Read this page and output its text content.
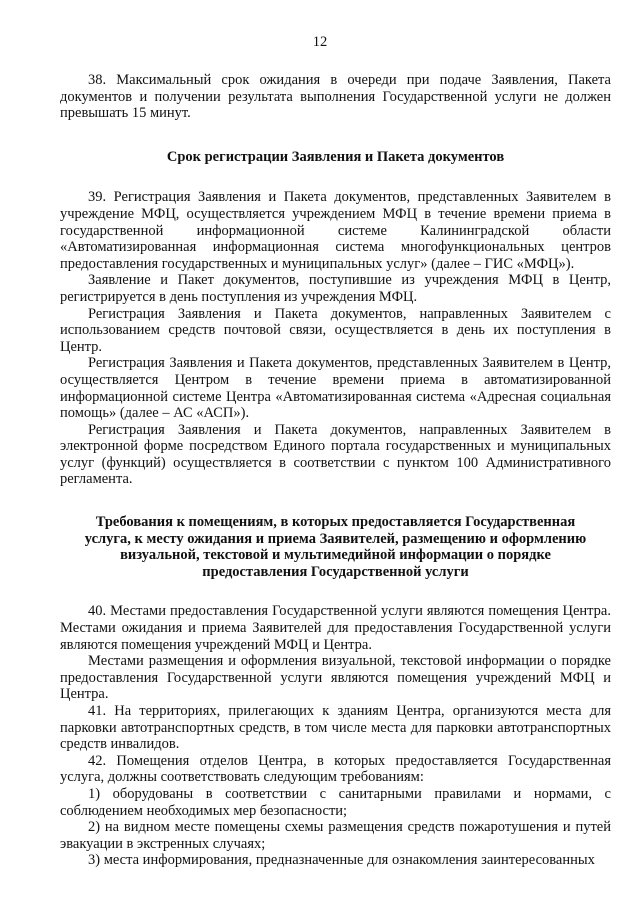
12

38. Максимальный срок ожидания в очереди при подаче Заявления, Пакета документов и получении результата выполнения Государственной услуги не должен превышать 15 минут.

Срок регистрации Заявления и Пакета документов

39. Регистрация Заявления и Пакета документов, представленных Заявителем в учреждение МФЦ, осуществляется учреждением МФЦ в течение времени приема в государственной информационной системе Калининградской области «Автоматизированная информационная система многофункциональных центров предоставления государственных и муниципальных услуг» (далее – ГИС «МФЦ»).

Заявление и Пакет документов, поступившие из учреждения МФЦ в Центр, регистрируется в день поступления из учреждения МФЦ.

Регистрация Заявления и Пакета документов, направленных Заявителем с использованием средств почтовой связи, осуществляется в день их поступления в Центр.

Регистрация Заявления и Пакета документов, представленных Заявителем в Центр, осуществляется Центром в течение времени приема в автоматизированной информационной системе Центра «Автоматизированная система «Адресная социальная помощь» (далее – АС «АСП»).

Регистрация Заявления и Пакета документов, направленных Заявителем в электронной форме посредством Единого портала государственных и муниципальных услуг (функций) осуществляется в соответствии с пунктом 100 Административного регламента.

Требования к помещениям, в которых предоставляется Государственная услуга, к месту ожидания и приема Заявителей, размещению и оформлению визуальной, текстовой и мультимедийной информации о порядке предоставления Государственной услуги

40. Местами предоставления Государственной услуги являются помещения Центра. Местами ожидания и приема Заявителей для предоставления Государственной услуги являются помещения учреждений МФЦ и Центра.

Местами размещения и оформления визуальной, текстовой информации о порядке предоставления Государственной услуги являются помещения учреждений МФЦ и Центра.

41. На территориях, прилегающих к зданиям Центра, организуются места для парковки автотранспортных средств, в том числе места для парковки автотранспортных средств инвалидов.

42. Помещения отделов Центра, в которых предоставляется Государственная услуга, должны соответствовать следующим требованиям:

1) оборудованы в соответствии с санитарными правилами и нормами, с соблюдением необходимых мер безопасности;

2) на видном месте помещены схемы размещения средств пожаротушения и путей эвакуации в экстренных случаях;

3) места информирования, предназначенные для ознакомления заинтересованных
